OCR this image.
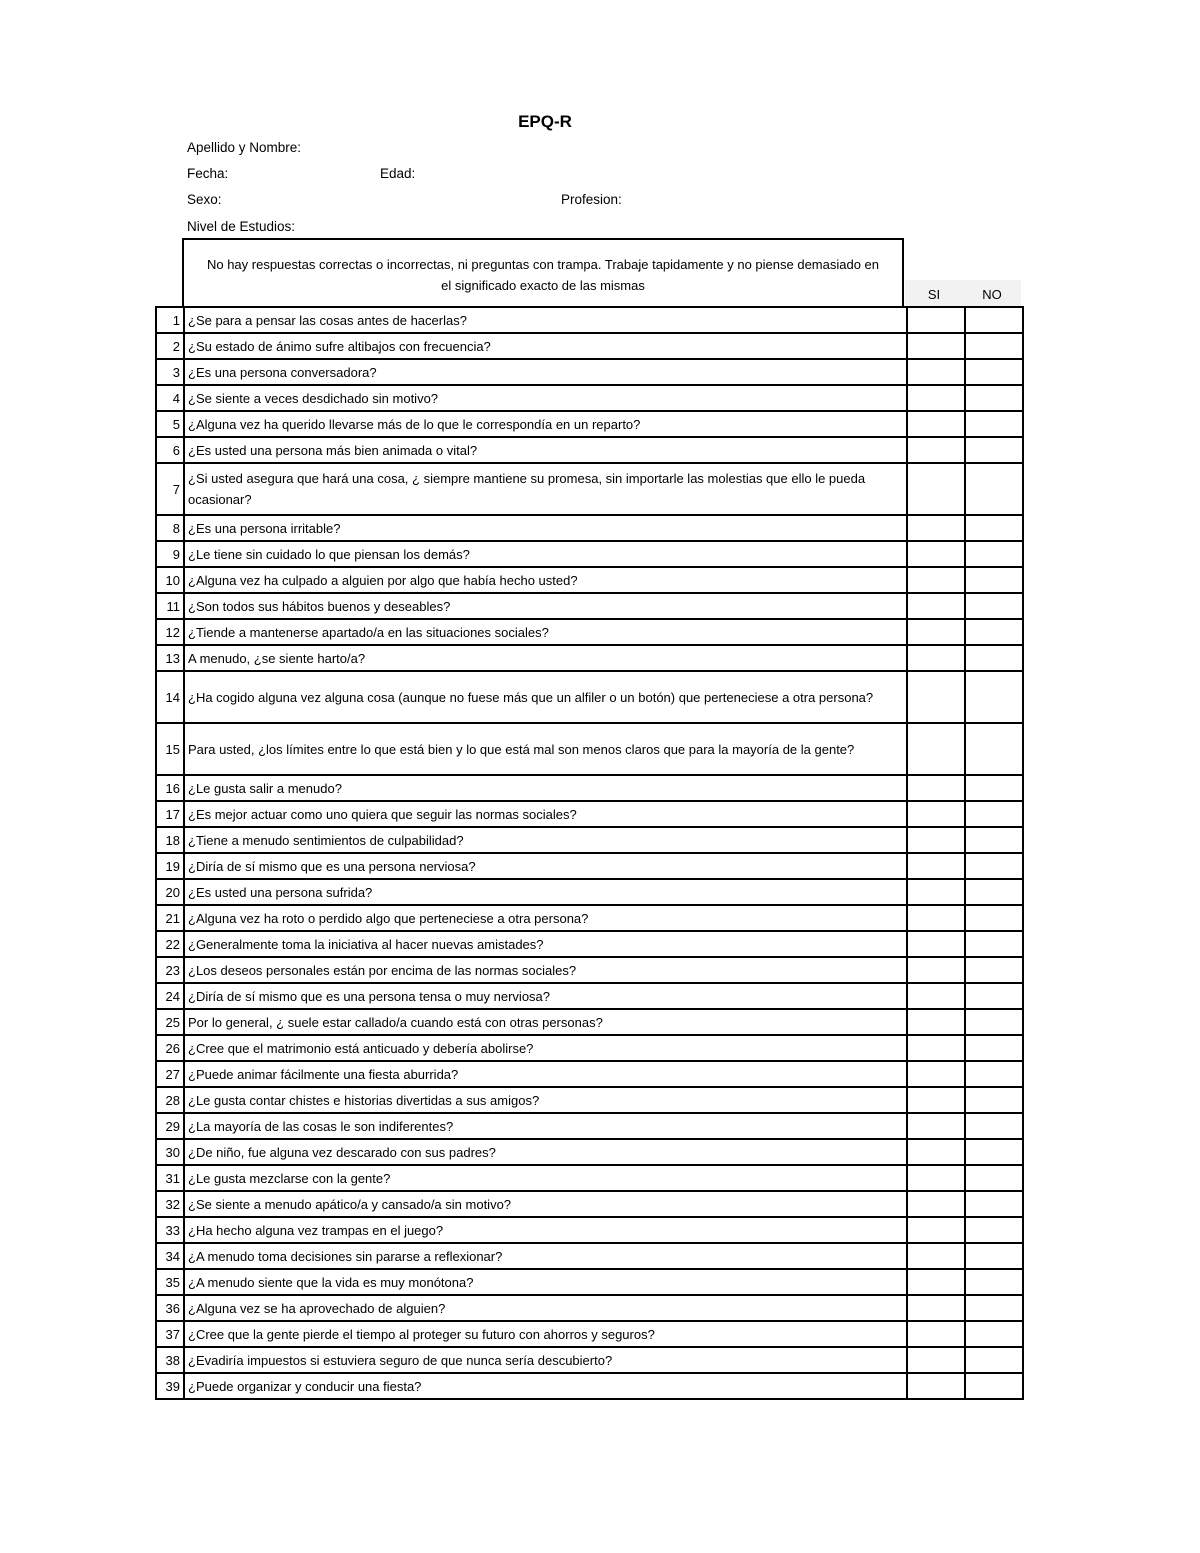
EPQ-R
Apellido y Nombre:
Fecha:	Edad:
Sexo:	Profesion:
Nivel de Estudios:
No hay respuestas correctas o incorrectas, ni preguntas con trampa. Trabaje tapidamente y no piense demasiado en el significado exacto de las mismas
SI	NO
1	¿Se para a pensar las cosas antes de hacerlas?		
2	¿Su estado de ánimo sufre altibajos con frecuencia?		
3	¿Es una persona conversadora?		
4	¿Se siente a veces desdichado sin motivo?		
5	¿Alguna vez ha querido llevarse más de lo que le correspondía en un reparto?		
6	¿Es usted una persona más bien animada o vital?		
7	¿Si usted asegura que hará una cosa, ¿ siempre mantiene su promesa, sin importarle las molestias que ello le pueda ocasionar?		
8	¿Es una persona irritable?		
9	¿Le tiene sin cuidado lo que piensan los demás?		
10	¿Alguna vez ha culpado a alguien por algo que había hecho usted?		
11	¿Son todos sus hábitos buenos y deseables?		
12	¿Tiende a mantenerse apartado/a en las situaciones sociales?		
13	A menudo, ¿se siente harto/a?		
14	¿Ha cogido alguna vez alguna cosa (aunque no fuese más que un alfiler o un botón) que perteneciese a otra persona?		
15	Para usted, ¿los límites entre lo que está bien y lo que está mal son menos claros que para la mayoría de la gente?		
16	¿Le gusta salir a menudo?		
17	¿Es mejor actuar como uno quiera que seguir las normas sociales?		
18	¿Tiene a menudo sentimientos de culpabilidad?		
19	¿Diría de sí mismo que es una persona nerviosa?		
20	¿Es usted una persona sufrida?		
21	¿Alguna vez ha roto o perdido algo que perteneciese a otra persona?		
22	¿Generalmente toma la iniciativa al hacer nuevas amistades?		
23	¿Los deseos personales están por encima de las normas sociales?		
24	¿Diría de sí mismo que es una persona tensa o muy nerviosa?		
25	Por lo general, ¿ suele estar callado/a cuando está con otras personas?		
26	¿Cree que el matrimonio está anticuado y debería abolirse?		
27	¿Puede animar fácilmente una fiesta aburrida?		
28	¿Le gusta contar chistes e historias divertidas a sus amigos?		
29	¿La mayoría de las cosas le son indiferentes?		
30	¿De niño, fue alguna vez descarado con sus padres?		
31	¿Le gusta mezclarse con la gente?		
32	¿Se siente a menudo apático/a y cansado/a sin motivo?		
33	¿Ha hecho alguna vez trampas en el juego?		
34	¿A menudo toma decisiones sin pararse a reflexionar?		
35	¿A menudo siente que la vida es muy monótona?		
36	¿Alguna vez se ha aprovechado de alguien?		
37	¿Cree que la gente pierde el tiempo al proteger su futuro con ahorros y seguros?		
38	¿Evadiría impuestos si estuviera seguro de que nunca sería descubierto?		
39	¿Puede organizar y conducir una fiesta?		
